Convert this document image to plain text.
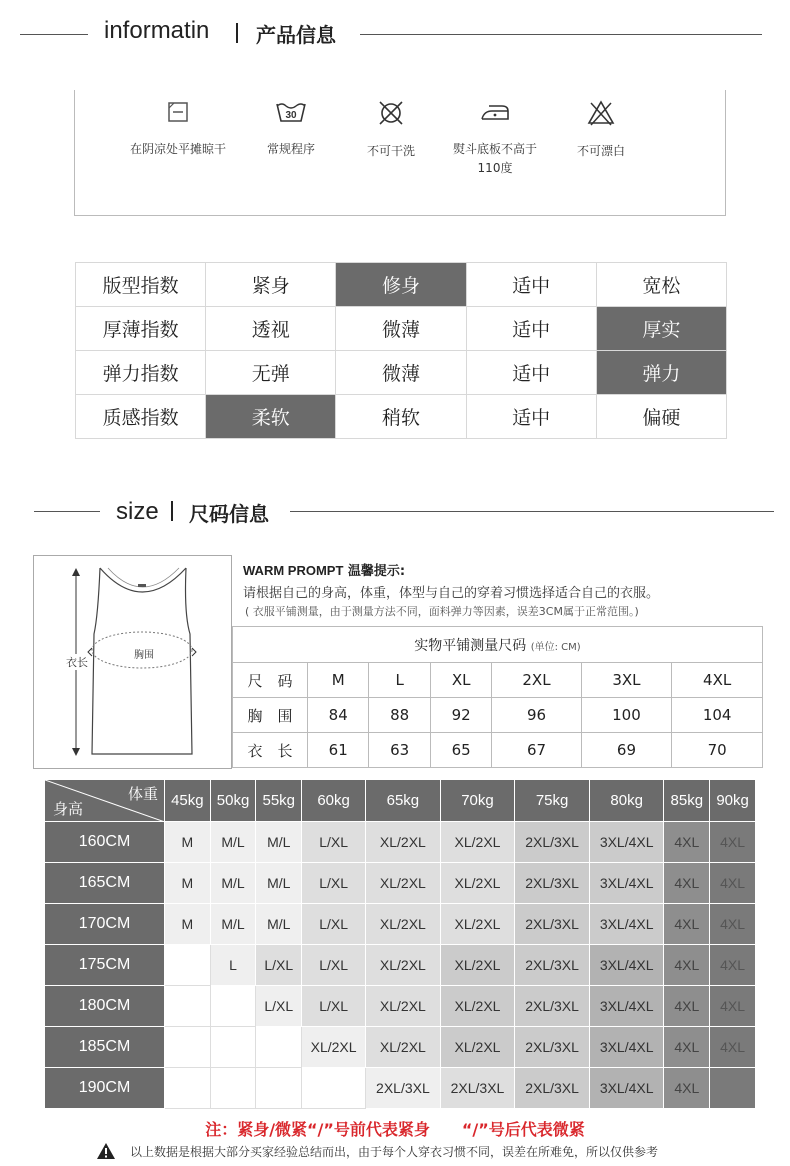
informatin 产品信息
在阴凉处平摊晾干
30
常规程序	不可干洗	熨斗底板不高于110度
不可漂白
版型指数	紧身	修身	适中	宽松
厚薄指数	透视	微薄	适中	厚实
弹力指数	无弹	微薄	适中	弹力
质感指数	柔软	稍软	适中	偏硬
size 尺码信息
衣长
胸围
WARM PROMPT 温馨提示:
请根据自己的身高，体重，体型与自己的穿着习惯选择适合自己的衣服。
( 衣服平铺测量，由于测量方法不同，面料弹力等因素，误差3CM属于正常范围。)
实物平铺测量尺码 (单位: CM)						
尺　码	M	L	XL	2XL	3XL	4XL
胸　围	84	88	92	96	100	104
衣　长	61	63	65	67	69	70
体重
身高	45kg	50kg	55kg	60kg	65kg	70kg	75kg	80kg	85kg	90kg
160CM	M	M/L	M/L	L/XL	XL/2XL	XL/2XL	2XL/3XL	3XL/4XL	4XL	4XL
165CM	M	M/L	M/L	L/XL	XL/2XL	XL/2XL	2XL/3XL	3XL/4XL	4XL	4XL
170CM	M	M/L	M/L	L/XL	XL/2XL	XL/2XL	2XL/3XL	3XL/4XL	4XL	4XL
175CM		L	L/XL	L/XL	XL/2XL	XL/2XL	2XL/3XL	3XL/4XL	4XL	4XL
180CM			L/XL	L/XL	XL/2XL	XL/2XL	2XL/3XL	3XL/4XL	4XL	4XL
185CM				XL/2XL	XL/2XL	XL/2XL	2XL/3XL	3XL/4XL	4XL	4XL
190CM					2XL/3XL	2XL/3XL	2XL/3XL	3XL/4XL	4XL	
注：紧身/微紧“/”号前代表紧身　　“/”号后代表微紧
以上数据是根据大部分买家经验总结而出，由于每个人穿衣习惯不同，误差在所难免，所以仅供参考
